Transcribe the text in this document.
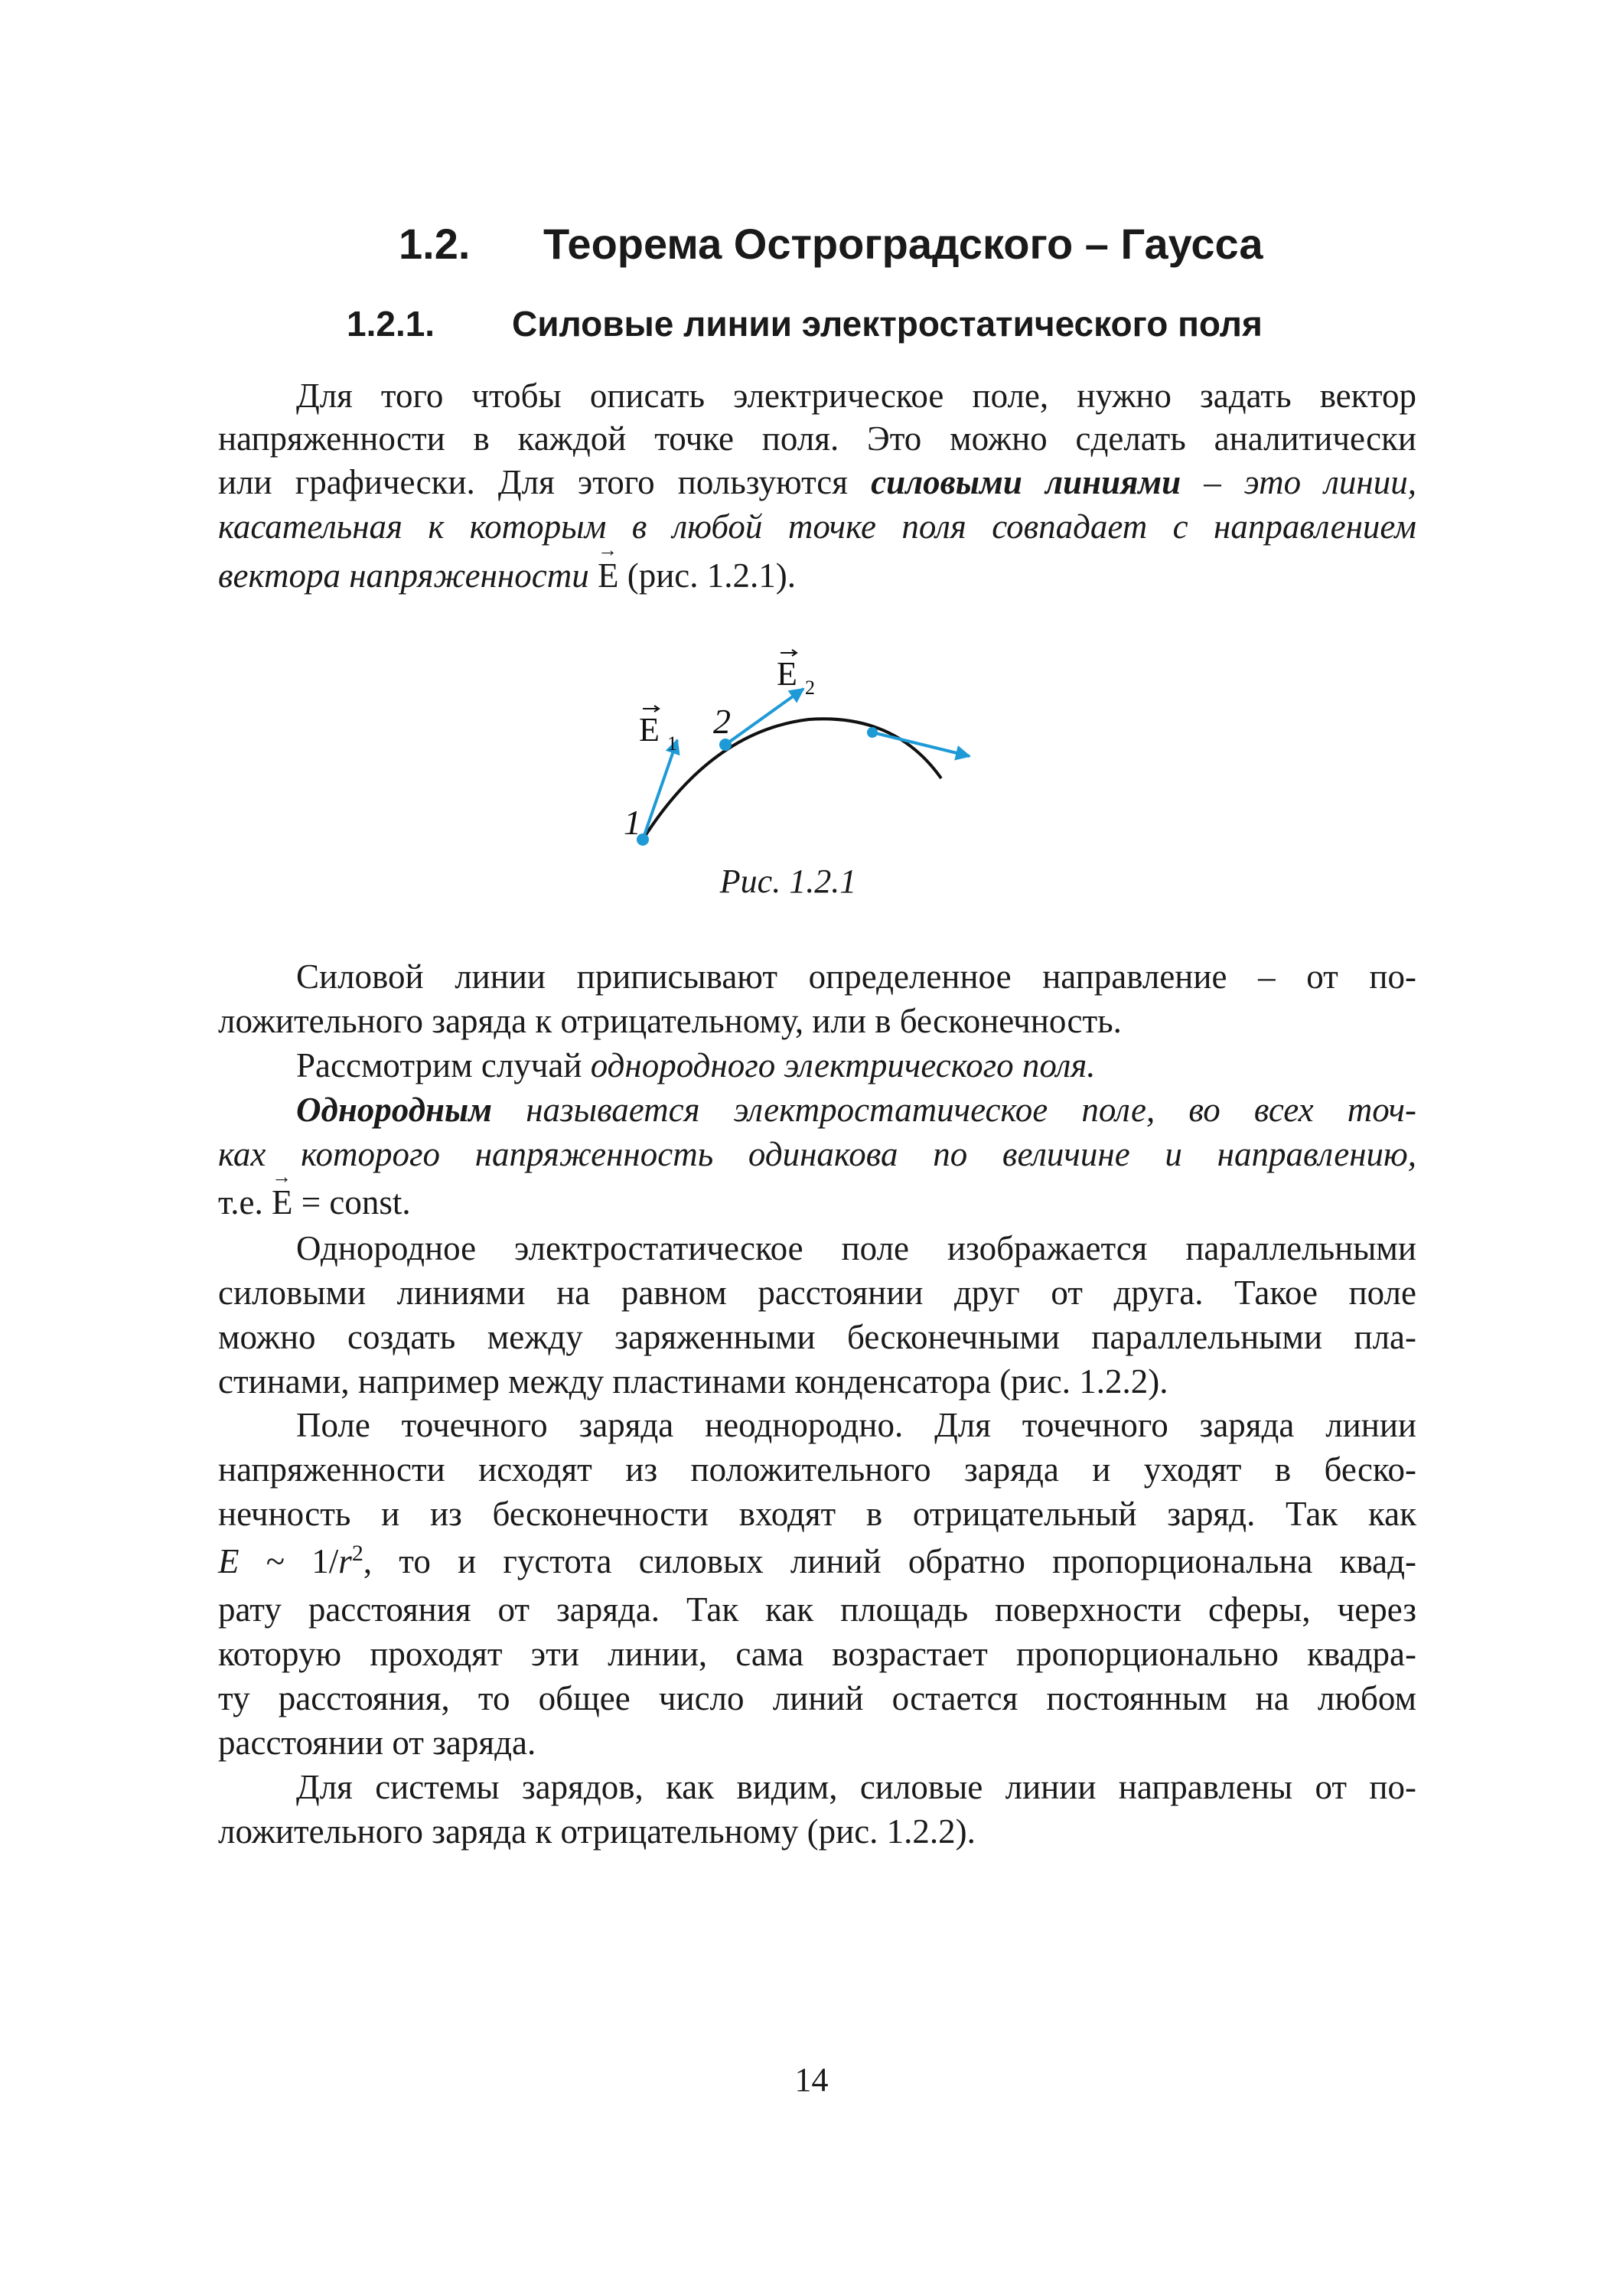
1.2. Теорема Остроградского – Гаусса
1.2.1. Силовые линии электростатического поля
Для того чтобы описать электрическое поле, нужно задать вектор
напряженности в каждой точке поля. Это можно сделать аналитически
или графически. Для этого пользуются силовыми линиями – это линии,
касательная к которым в любой точке поля совпадает с направлением
вектора напряженности → E (рис. 1.2.1).
E 1
E 2
1
2
Рис. 1.2.1
Силовой линии приписывают определенное направление – от по-
ложительного заряда к отрицательному, или в бесконечность.
Рассмотрим случай однородного электрического поля.
Однородным называется электростатическое поле, во всех точ-
ках которого напряженность одинакова по величине и направлению,
т.е. → E = const.
Однородное электростатическое поле изображается параллельными
силовыми линиями на равном расстоянии друг от друга. Такое поле
можно создать между заряженными бесконечными параллельными пла-
стинами, например между пластинами конденсатора (рис. 1.2.2).
Поле точечного заряда неоднородно. Для точечного заряда линии
напряженности исходят из положительного заряда и уходят в беско-
нечность и из бесконечности входят в отрицательный заряд. Так как
E ~ $1/r^2$, то и густота силовых линий обратно пропорциональна квад-
рату расстояния от заряда. Так как площадь поверхности сферы, через
которую проходят эти линии, сама возрастает пропорционально квадра-
ту расстояния, то общее число линий остается постоянным на любом
расстоянии от заряда.
Для системы зарядов, как видим, силовые линии направлены от по-
ложительного заряда к отрицательному (рис. 1.2.2).
14
